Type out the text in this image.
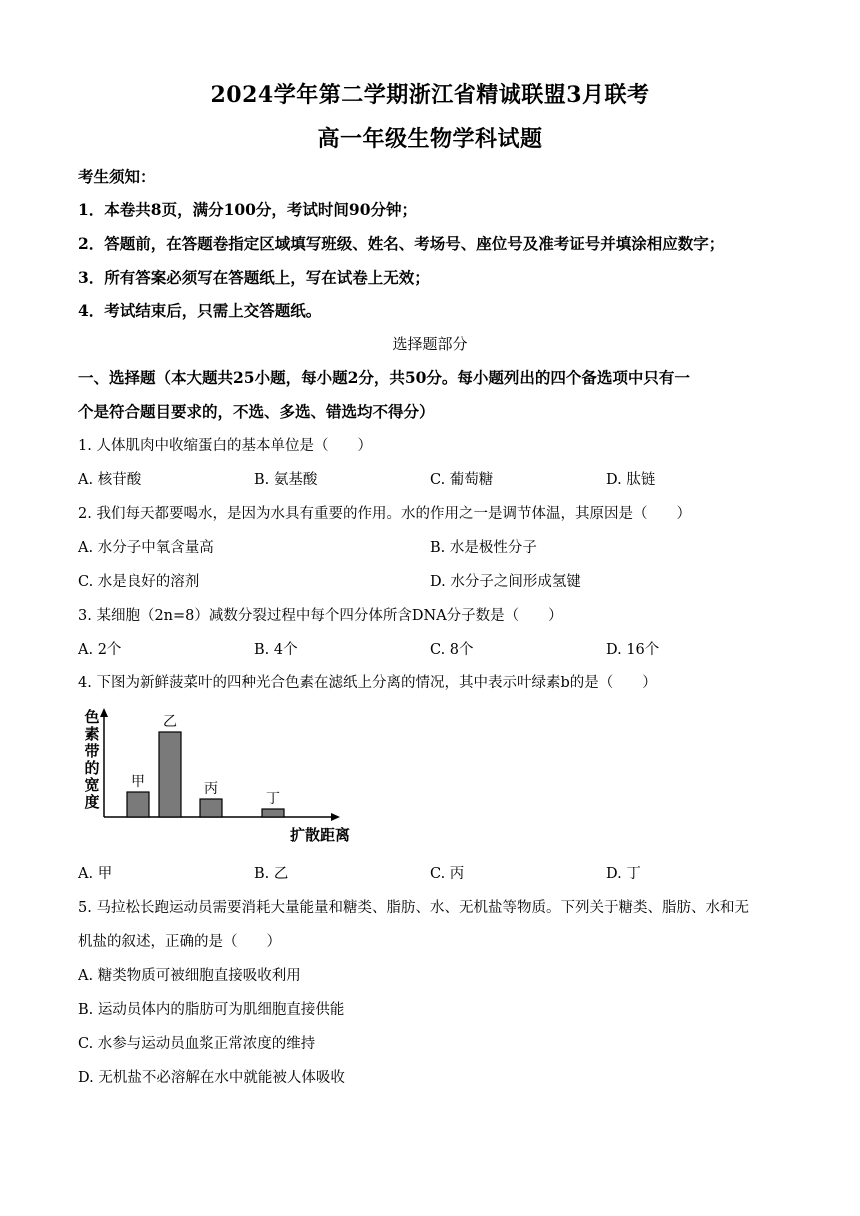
2024学年第二学期浙江省精诚联盟3月联考
高一年级生物学科试题
考生须知：
1．本卷共8页，满分100分，考试时间90分钟；
2．答题前，在答题卷指定区域填写班级、姓名、考场号、座位号及准考证号并填涂相应数字；
3．所有答案必须写在答题纸上，写在试卷上无效；
4．考试结束后，只需上交答题纸。
选择题部分
一、选择题（本大题共25小题，每小题2分，共50分。每小题列出的四个备选项中只有一
个是符合题目要求的，不选、多选、错选均不得分）
1. 人体肌肉中收缩蛋白的基本单位是（　　）
A. 核苷酸	B. 氨基酸	C. 葡萄糖	D. 肽链
2. 我们每天都要喝水，是因为水具有重要的作用。水的作用之一是调节体温，其原因是（　　）
A. 水分子中氧含量高	B. 水是极性分子
C. 水是良好的溶剂	D. 水分子之间形成氢键
3. 某细胞（2n=8）减数分裂过程中每个四分体所含DNA分子数是（　　）
A. 2个	B. 4个	C. 8个	D. 16个
4. 下图为新鲜菠菜叶的四种光合色素在滤纸上分离的情况，其中表示叶绿素b的是（　　）
色
素
带
的
宽
度
扩散距离
甲
乙
丙
丁
A. 甲	B. 乙	C. 丙	D. 丁
5. 马拉松长跑运动员需要消耗大量能量和糖类、脂肪、水、无机盐等物质。下列关于糖类、脂肪、水和无
机盐的叙述，正确的是（　　）
A. 糖类物质可被细胞直接吸收利用
B. 运动员体内的脂肪可为肌细胞直接供能
C. 水参与运动员血浆正常浓度的维持
D. 无机盐不必溶解在水中就能被人体吸收
